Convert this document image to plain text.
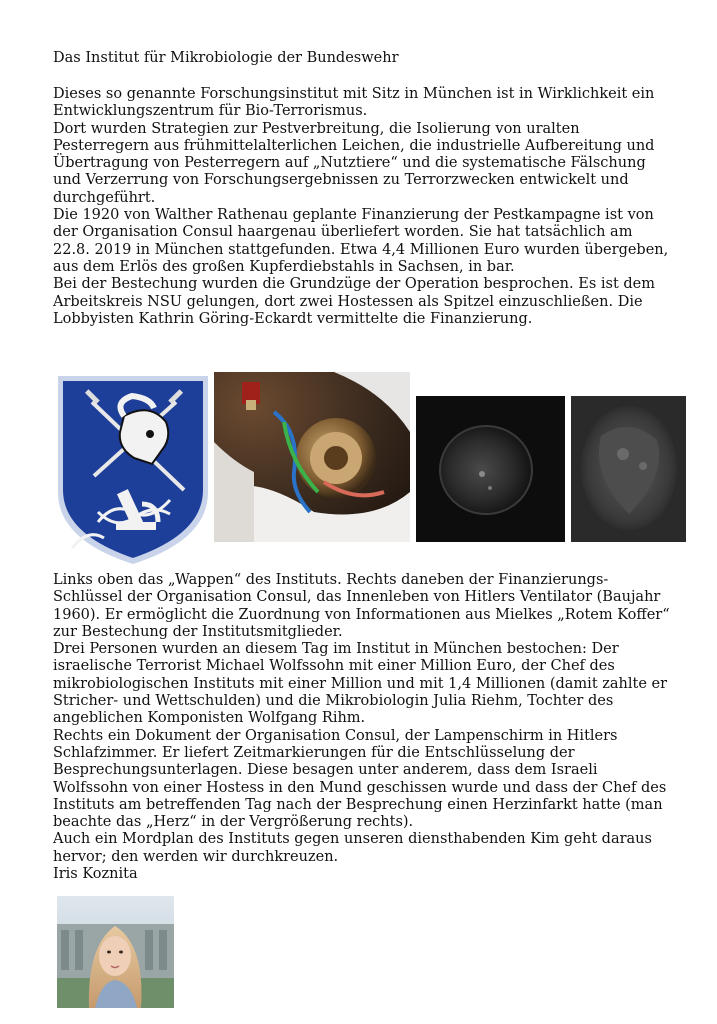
Das Institut für Mikrobiologie der Bundeswehr

Dieses so genannte Forschungsinstitut mit Sitz in München ist in Wirklichkeit ein Entwicklungszentrum für Bio-Terrorismus.

Dort wurden Strategien zur Pestverbreitung, die Isolierung von uralten Pesterregern aus frühmittelalterlichen Leichen, die industrielle Aufbereitung und Übertragung von Pesterregern auf „Nutztiere“ und die systematische Fälschung und Verzerrung von Forschungsergebnissen zu Terrorzwecken entwickelt und durchgeführt.

Die 1920 von Walther Rathenau geplante Finanzierung der Pestkampagne ist von der Organisation Consul haargenau überliefert worden. Sie hat tatsächlich am 22.8. 2019 in München stattgefunden. Etwa 4,4 Millionen Euro wurden übergeben, aus dem Erlös des großen Kupferdiebstahls in Sachsen, in bar.

Bei der Bestechung wurden die Grundzüge der Operation besprochen. Es ist dem Arbeitskreis NSU gelungen, dort zwei Hostessen als Spitzel einzuschließen. Die Lobbyisten Kathrin Göring-Eckardt vermittelte die Finanzierung.

Links oben das „Wappen“ des Instituts. Rechts daneben der Finanzierungs-Schlüssel der Organisation Consul, das Innenleben von Hitlers Ventilator (Baujahr 1960). Er ermöglicht die Zuordnung von Informationen aus Mielkes „Rotem Koffer“ zur Bestechung der Institutsmitglieder.

Drei Personen wurden an diesem Tag im Institut in München bestochen: Der israelische Terrorist Michael Wolfssohn mit einer Million Euro, der Chef des mikrobiologischen Instituts mit einer Million und mit 1,4 Millionen (damit zahlte er Stricher- und Wettschulden) und die Mikrobiologin Julia Riehm, Tochter des angeblichen Komponisten Wolfgang Rihm.

Rechts ein Dokument der Organisation Consul, der Lampenschirm in Hitlers Schlafzimmer. Er liefert Zeitmarkierungen für die Entschlüsselung der Besprechungsunterlagen. Diese besagen unter anderem, dass dem Israeli Wolfssohn von einer Hostess in den Mund geschissen wurde und dass der Chef des Instituts am betreffenden Tag nach der Besprechung einen Herzinfarkt hatte (man beachte das „Herz“ in der Vergrößerung rechts).

Auch ein Mordplan des Instituts gegen unseren diensthabenden Kim geht daraus hervor; den werden wir durchkreuzen.

Iris Koznita
